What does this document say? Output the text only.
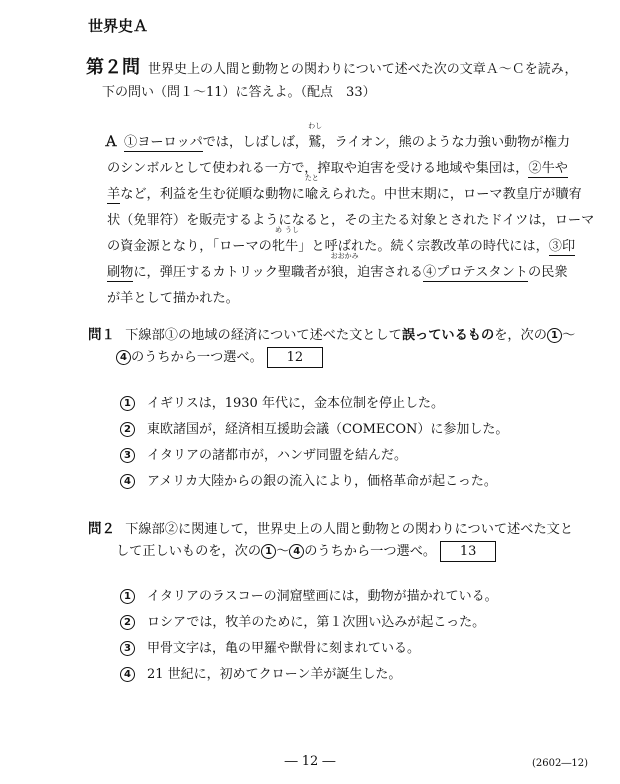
世界史Ａ
第２問 世界史上の人間と動物との関わりについて述べた次の文章Ａ～Ｃを読み，
下の問い（問１～11）に答えよ。（配点　33）
Ａ ①ヨーロッパでは，しばしば，
わし
鷲，ライオン，熊のような力強い動物が権力
のシンボルとして使われる一方で，搾取や迫害を受ける地域や集団は，②牛や
羊など，利益を生む従順な動物に
たと
喩えられた。中世末期に，ローマ教皇庁が贖宥
状（免罪符）を販売するようになると，その主たる対象とされたドイツは，ローマ
の資金源となり，「ローマの
め
牝
うし
牛」と呼ばれた。続く宗教改革の時代には，③印
刷物に，弾圧するカトリック聖職者が
おおかみ
狼，迫害される④プロテスタントの民衆
が羊として描かれた。
問１ 下線部①の地域の経済について述べた文として誤っているものを，次の 1 ～
4 のうちから一つ選べ。 12
1 イギリスは，1930 年代に，金本位制を停止した。
2 東欧諸国が，経済相互援助会議（COMECON）に参加した。
3 イタリアの諸都市が，ハンザ同盟を結んだ。
4 アメリカ大陸からの銀の流入により，価格革命が起こった。
問２ 下線部②に関連して，世界史上の人間と動物との関わりについて述べた文と
して正しいものを，次の 1 ～ 4 のうちから一つ選べ。 13
1 イタリアのラスコーの洞窟壁画には，動物が描かれている。
2 ロシアでは，牧羊のために，第１次囲い込みが起こった。
3 甲骨文字は，亀の甲羅や獣骨に刻まれている。
4 21 世紀に，初めてクローン羊が誕生した。
― 12 ―	(2602―12)
